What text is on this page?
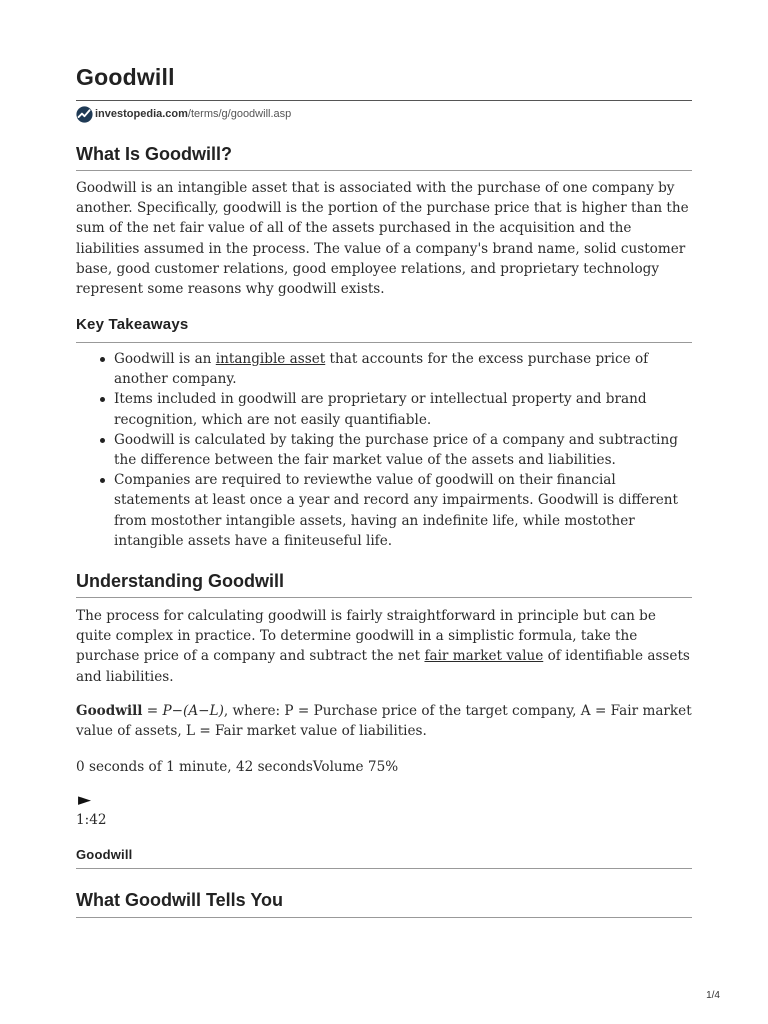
Goodwill
investopedia.com /terms/g/goodwill.asp
What Is Goodwill?

Goodwill is an intangible asset that is associated with the purchase of one company by another. Specifically, goodwill is the portion of the purchase price that is higher than the sum of the net fair value of all of the assets purchased in the acquisition and the liabilities assumed in the process. The value of a company's brand name, solid customer base, good customer relations, good employee relations, and proprietary technology represent some reasons why goodwill exists.

Key Takeaways
Goodwill is an intangible asset that accounts for the excess purchase price of another company.
Items included in goodwill are proprietary or intellectual property and brand recognition, which are not easily quantifiable.
Goodwill is calculated by taking the purchase price of a company and subtracting the difference between the fair market value of the assets and liabilities.
Companies are required to reviewthe value of goodwill on their financial statements at least once a year and record any impairments. Goodwill is different from mostother intangible assets, having an indefinite life, while mostother intangible assets have a finiteuseful life.
Understanding Goodwill

The process for calculating goodwill is fairly straightforward in principle but can be quite complex in practice. To determine goodwill in a simplistic formula, take the purchase price of a company and subtract the net fair market value of identifiable assets and liabilities.

Goodwill = P−(A−L), where: P = Purchase price of the target company, A = Fair market value of assets, L = Fair market value of liabilities.

0 seconds of 1 minute, 42 secondsVolume 75%

►
1:42
Goodwill
What Goodwill Tells You
1/4
